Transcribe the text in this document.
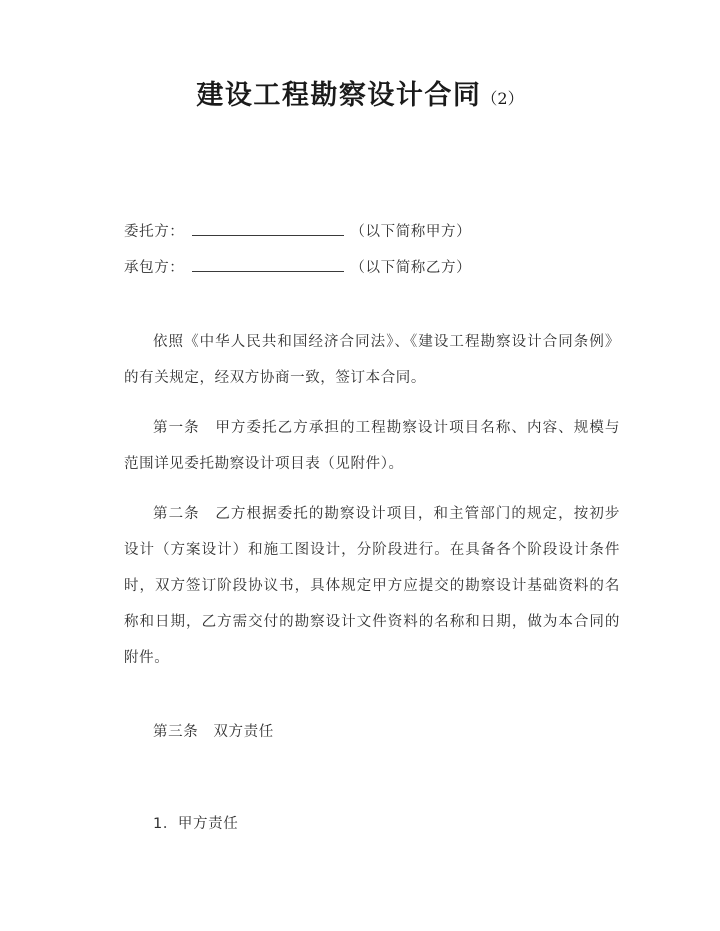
建设工程勘察设计合同（2）
委托方：	（以下简称甲方）
承包方：	（以下简称乙方）
依照《中华人民共和国经济合同法》、《建设工程勘察设计合同条例》的有关规定，经双方协商一致，签订本合同。
第一条　甲方委托乙方承担的工程勘察设计项目名称、内容、规模与范围详见委托勘察设计项目表（见附件）。
第二条　乙方根据委托的勘察设计项目，和主管部门的规定，按初步设计（方案设计）和施工图设计，分阶段进行。在具备各个阶段设计条件时，双方签订阶段协议书，具体规定甲方应提交的勘察设计基础资料的名称和日期，乙方需交付的勘察设计文件资料的名称和日期，做为本合同的附件。
第三条　双方责任
1．甲方责任
